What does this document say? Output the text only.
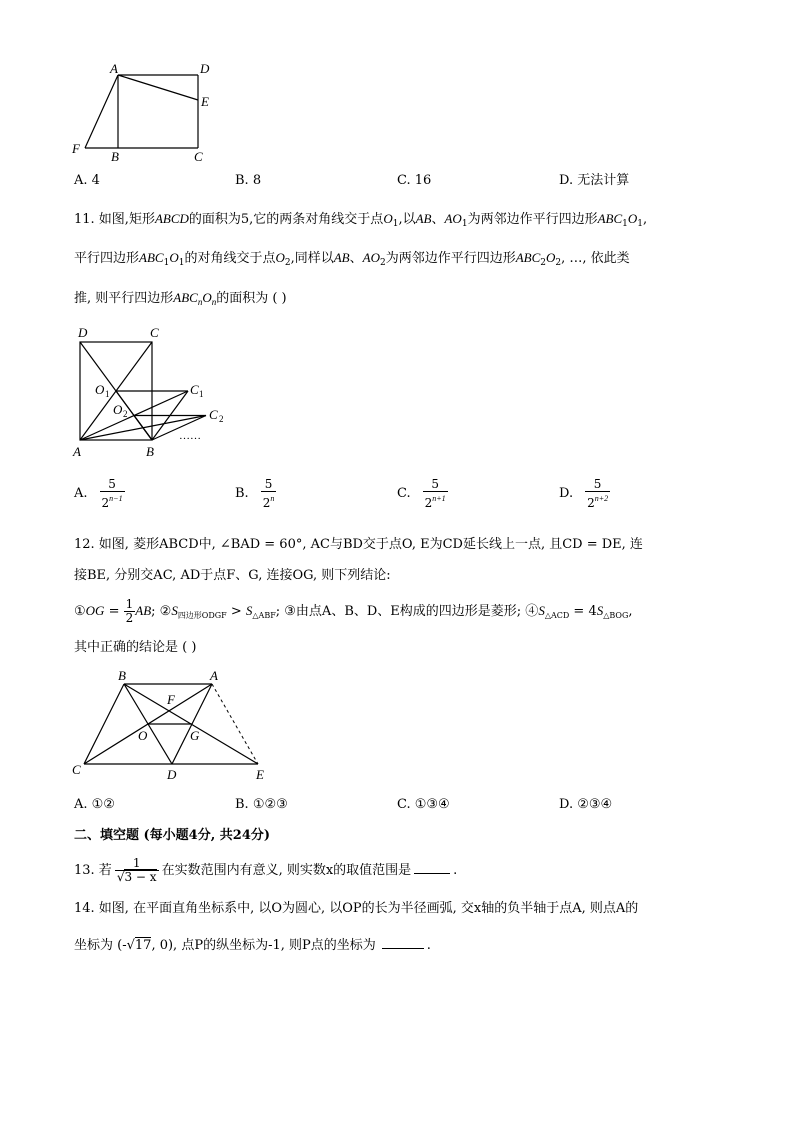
A	D
E
F
B	C
A. 4	B. 8	C. 16	D. 无法计算
11. 如图,矩形ABCD的面积为5,它的两条对角线交于点$O_1$,以AB、$AO_1$为两邻边作平行四边形$ABC_1O_1$,
平行四边形$ABC_1O_1$的对角线交于点$O_2$,同样以AB、$AO_2$为两邻边作平行四边形$ABC_2O_2$, …, 依此类
推, 则平行四边形$ABC_nO_n$的面积为 ( )
D	C
O 1	C 1
O 2	C 2
……
A	B
A. $\frac{5}{2^{n-1}}$	B. $\frac{5}{2^n}$	C. $\frac{5}{2^{n+1}}$	D. $\frac{5}{2^{n+2}}$
12. 如图, 菱形ABCD中, ∠BAD = 60°, AC与BD交于点O, E为CD延长线上一点, 且CD = DE, 连
接BE, 分别交AC, AD于点F、G, 连接OG, 则下列结论:
①OG = $\frac{1}{2}$ AB; $②S_{四边形ODGF} > S_{\triangle ABF}$; ③由点A、B、D、E构成的四边形是菱形; $④S_{\triangle ACD} = 4S_{\triangle BOG}$,
其中正确的结论是 ( )
B	A
F
O	G
C	D	E
A. ①②	B. ①②③	C. ①③④	D. ②③④
二、填空题 (每小题4分, 共24分)
13. 若 $\frac{1}{√3 - x}$ 在实数范围内有意义, 则实数x的取值范围是	.
14. 如图, 在平面直角坐标系中, 以O为圆心, 以OP的长为半径画弧, 交x轴的负半轴于点A, 则点A的
坐标为 (-√17, 0), 点P的纵坐标为-1, 则P点的坐标为	.
